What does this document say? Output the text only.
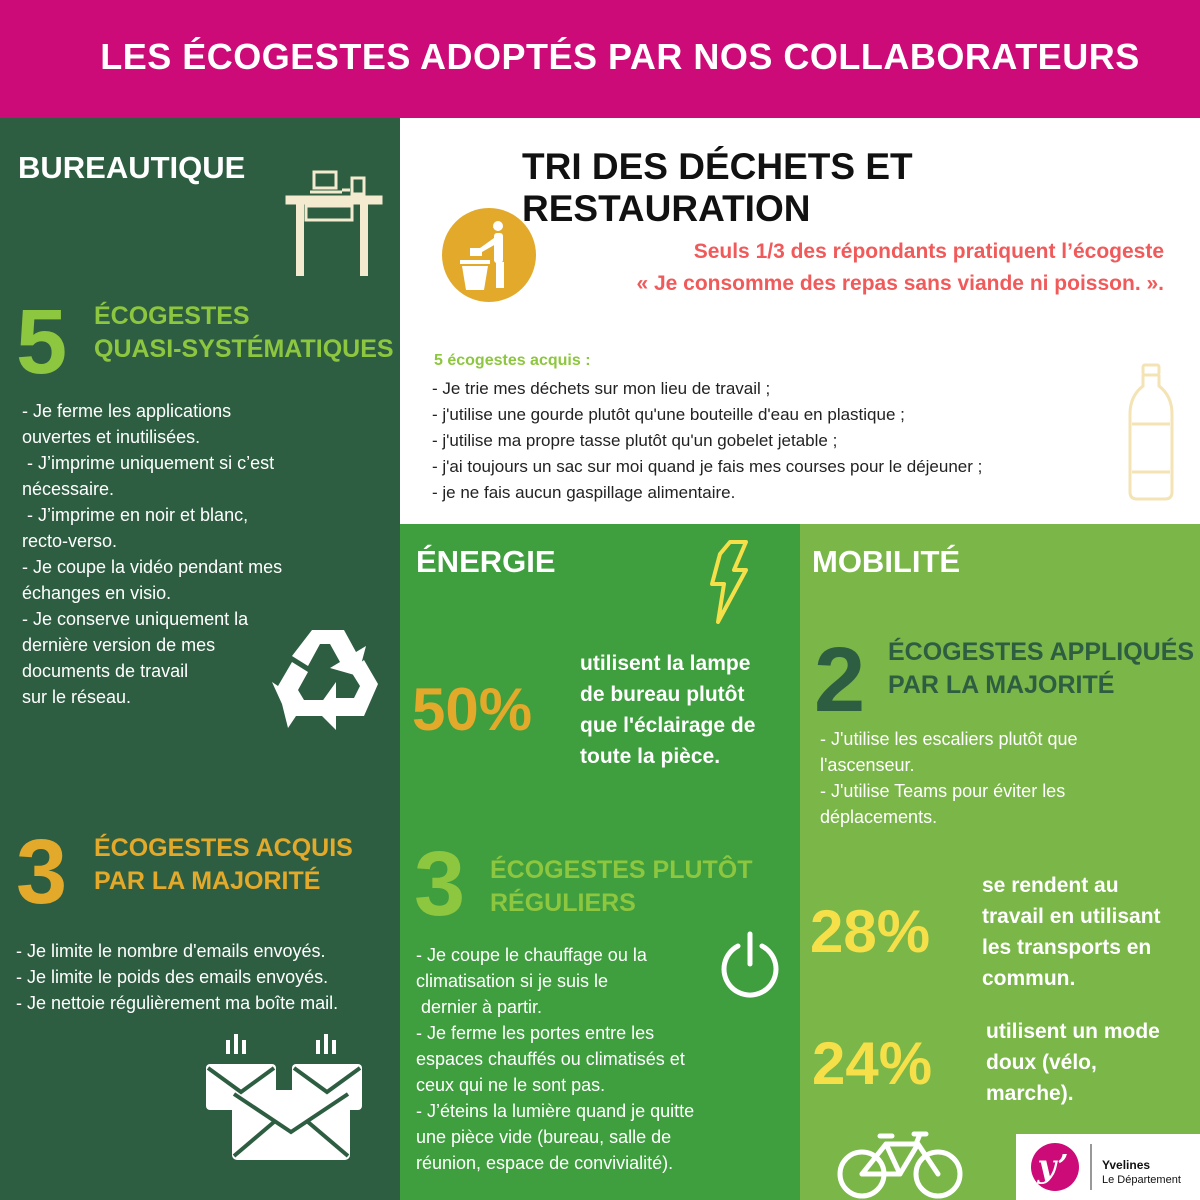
LES ÉCOGESTES ADOPTÉS PAR NOS COLLABORATEURS
BUREAUTIQUE
5 ÉCOGESTES
QUASI-SYSTÉMATIQUES
- Je ferme les applications
ouvertes et inutilisées.
- J’imprime uniquement si c’est
nécessaire.
- J’imprime en noir et blanc,
recto-verso.
- Je coupe la vidéo pendant mes
échanges en visio.
- Je conserve uniquement la
dernière version de mes
documents de travail
sur le réseau.
3 ÉCOGESTES ACQUIS
PAR LA MAJORITÉ
- Je limite le nombre d'emails envoyés.
- Je limite le poids des emails envoyés.
- Je nettoie régulièrement ma boîte mail.
TRI DES DÉCHETS ET RESTAURATION
Seuls 1/3 des répondants pratiquent l’écogeste
« Je consomme des repas sans viande ni poisson. ».
5 écogestes acquis :
- Je trie mes déchets sur mon lieu de travail ;
- j'utilise une gourde plutôt qu'une bouteille d'eau en plastique ;
- j'utilise ma propre tasse plutôt qu'un gobelet jetable ;
- j'ai toujours un sac sur moi quand je fais mes courses pour le déjeuner ;
- je ne fais aucun gaspillage alimentaire.
ÉNERGIE
50%
utilisent la lampe
de bureau plutôt
que l'éclairage de
toute la pièce.
3 ÉCOGESTES PLUTÔT
RÉGULIERS
- Je coupe le chauffage ou la
climatisation si je suis le
dernier à partir.
- Je ferme les portes entre les
espaces chauffés ou climatisés et
ceux qui ne le sont pas.
- J’éteins la lumière quand je quitte
une pièce vide (bureau, salle de
réunion, espace de convivialité).
MOBILITÉ
2 ÉCOGESTES APPLIQUÉS
PAR LA MAJORITÉ
- J'utilise les escaliers plutôt que
l'ascenseur.
- J'utilise Teams pour éviter les
déplacements.
28%
se rendent au
travail en utilisant
les transports en
commun.
24%	utilisent un mode
doux (vélo,
marche).
y’	Yvelines
Le Département
